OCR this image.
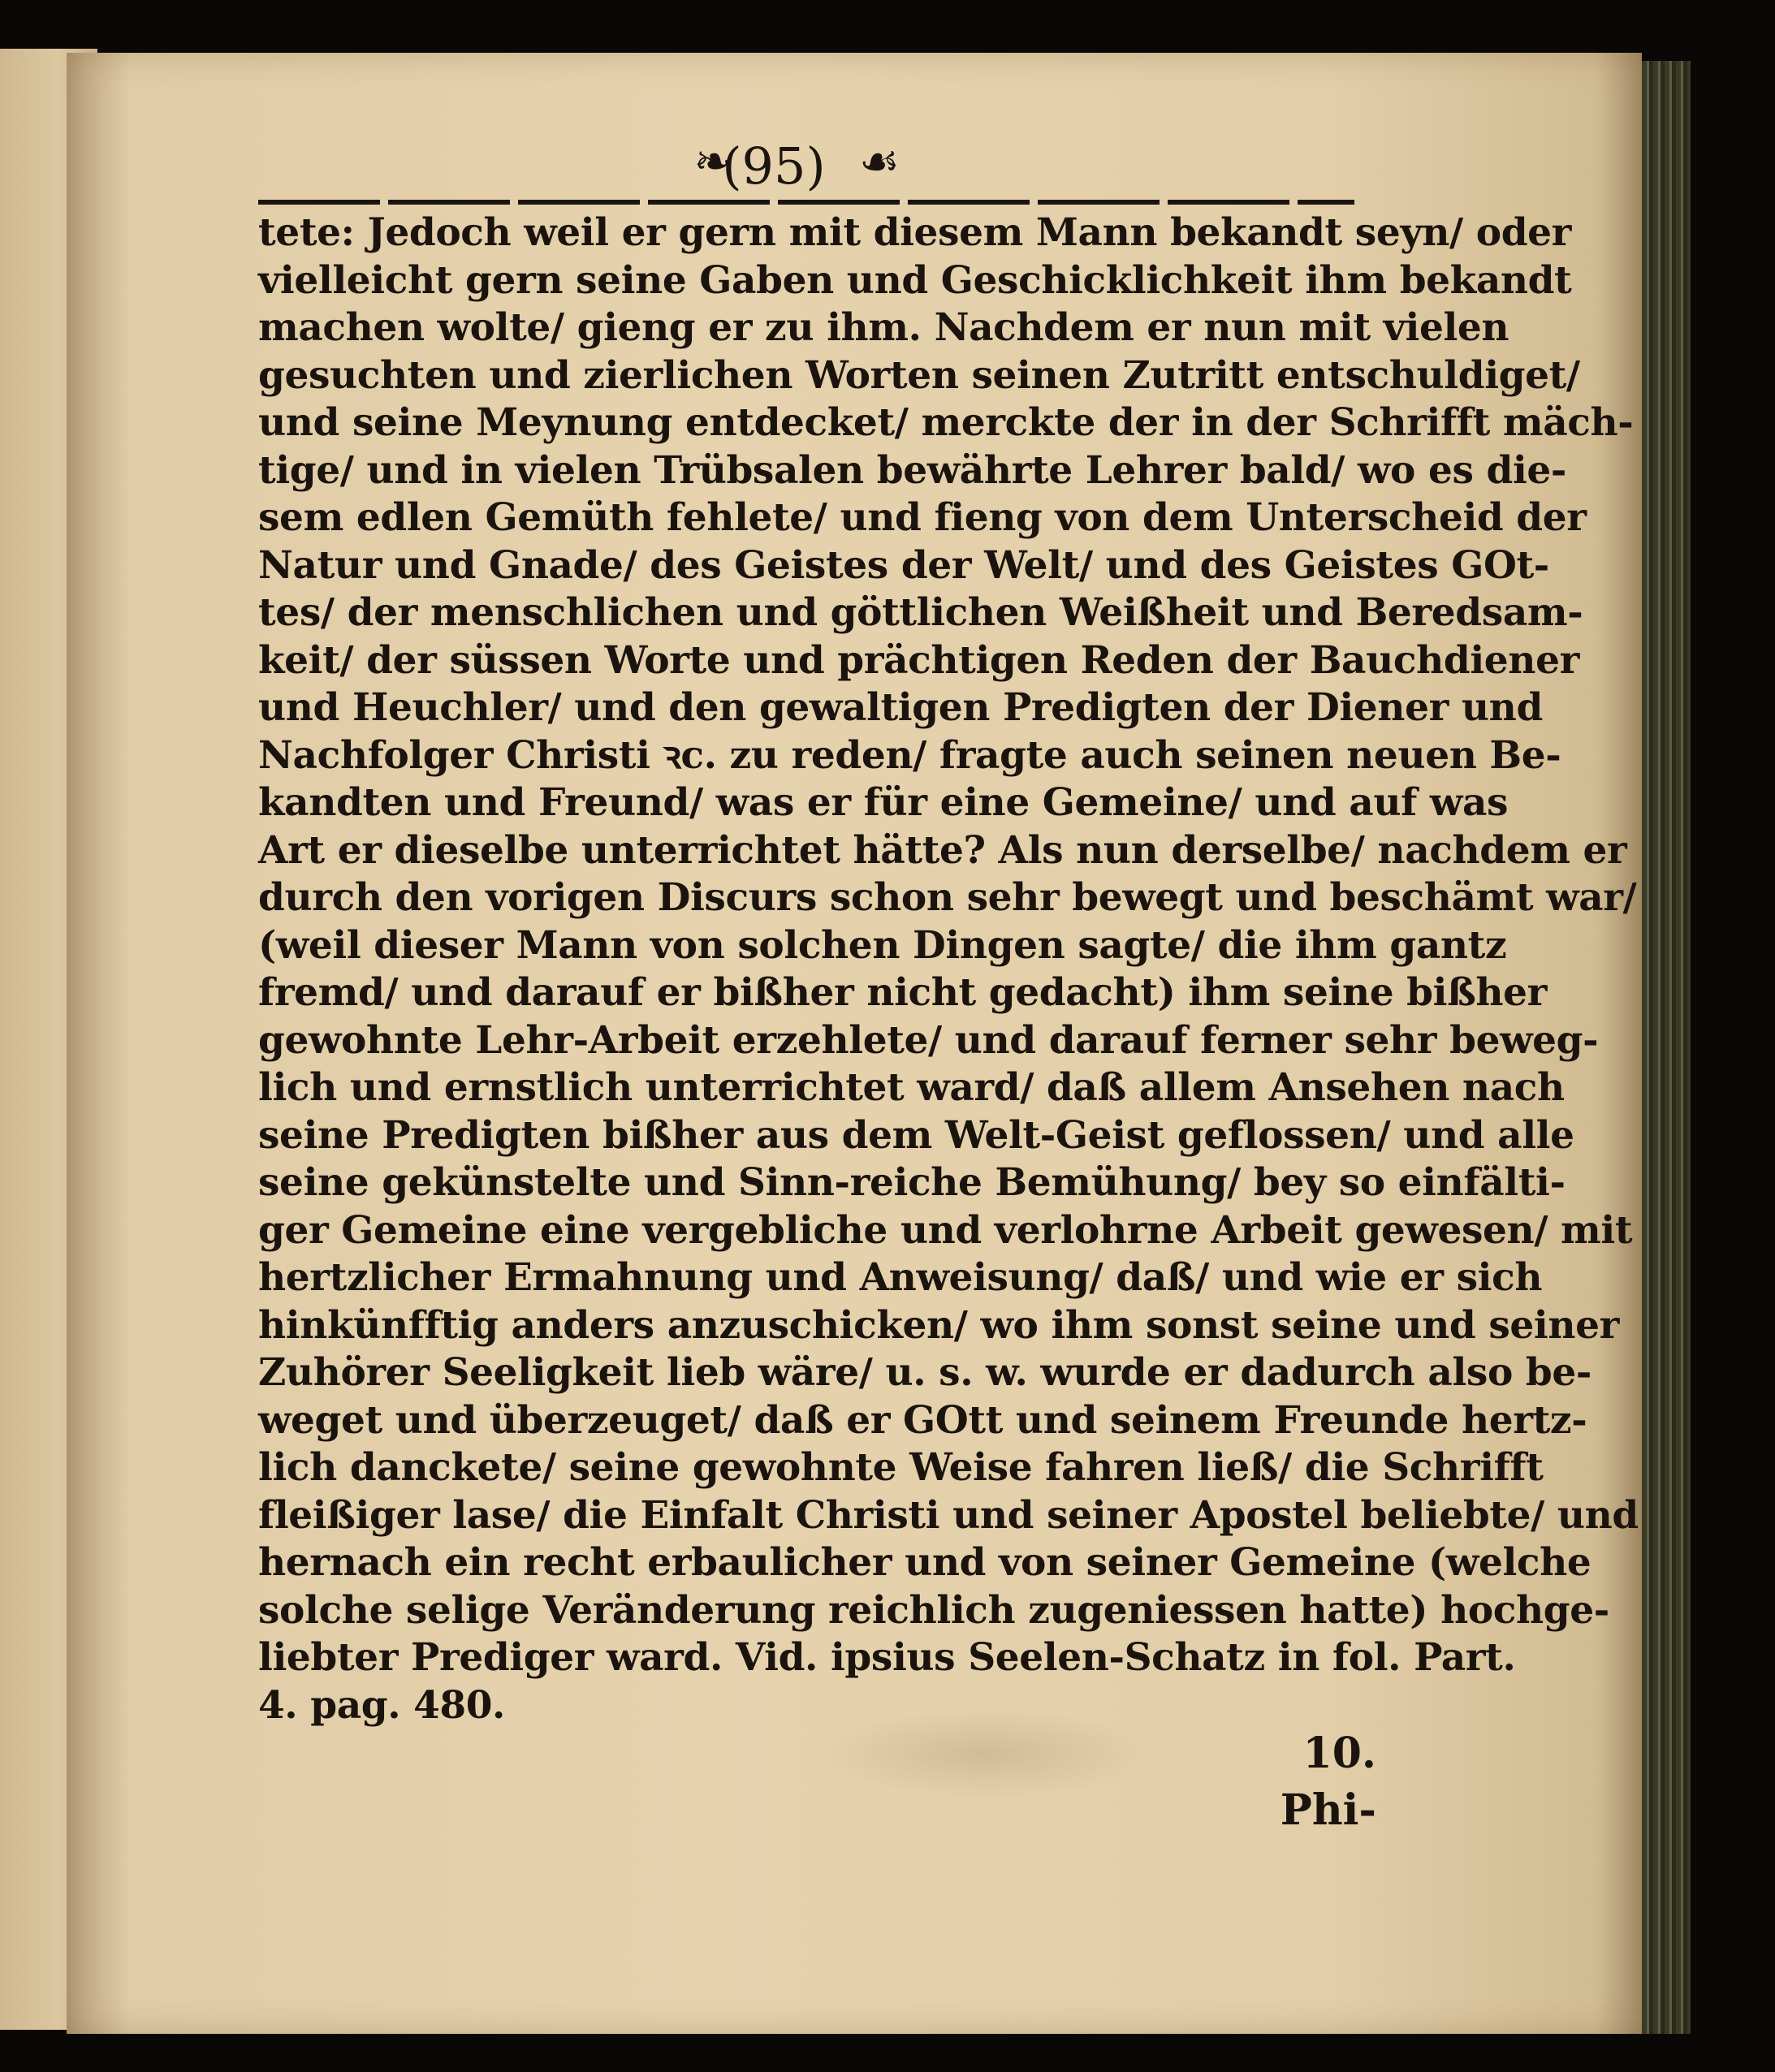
❧
(95) ☙
tete: Jedoch weil er gern mit diesem Mann bekandt seyn/ oder
vielleicht gern seine Gaben und Geschicklichkeit ihm bekandt
machen wolte/ gieng er zu ihm. Nachdem er nun mit vielen
gesuchten und zierlichen Worten seinen Zutritt entschuldiget/
und seine Meynung entdecket/ merckte der in der Schrifft mäch-
tige/ und in vielen Trübsalen bewährte Lehrer bald/ wo es die-
sem edlen Gemüth fehlete/ und fieng von dem Unterscheid der
Natur und Gnade/ des Geistes der Welt/ und des Geistes GOt-
tes/ der menschlichen und göttlichen Weißheit und Beredsam-
keit/ der süssen Worte und prächtigen Reden der Bauchdiener
und Heuchler/ und den gewaltigen Predigten der Diener und
Nachfolger Christi ꝛc. zu reden/ fragte auch seinen neuen Be-
kandten und Freund/ was er für eine Gemeine/ und auf was
Art er dieselbe unterrichtet hätte? Als nun derselbe/ nachdem er
durch den vorigen Discurs schon sehr bewegt und beschämt war/
(weil dieser Mann von solchen Dingen sagte/ die ihm gantz
fremd/ und darauf er bißher nicht gedacht) ihm seine bißher
gewohnte Lehr-Arbeit erzehlete/ und darauf ferner sehr beweg-
lich und ernstlich unterrichtet ward/ daß allem Ansehen nach
seine Predigten bißher aus dem Welt-Geist geflossen/ und alle
seine gekünstelte und Sinn-reiche Bemühung/ bey so einfälti-
ger Gemeine eine vergebliche und verlohrne Arbeit gewesen/ mit
hertzlicher Ermahnung und Anweisung/ daß/ und wie er sich
hinkünfftig anders anzuschicken/ wo ihm sonst seine und seiner
Zuhörer Seeligkeit lieb wäre/ u. s. w. wurde er dadurch also be-
weget und überzeuget/ daß er GOtt und seinem Freunde hertz-
lich danckete/ seine gewohnte Weise fahren ließ/ die Schrifft
fleißiger lase/ die Einfalt Christi und seiner Apostel beliebte/ und
hernach ein recht erbaulicher und von seiner Gemeine (welche
solche selige Veränderung reichlich zugeniessen hatte) hochge-
liebter Prediger ward. Vid. ipsius Seelen-Schatz in fol. Part.
4. pag. 480.
10. Phi-
